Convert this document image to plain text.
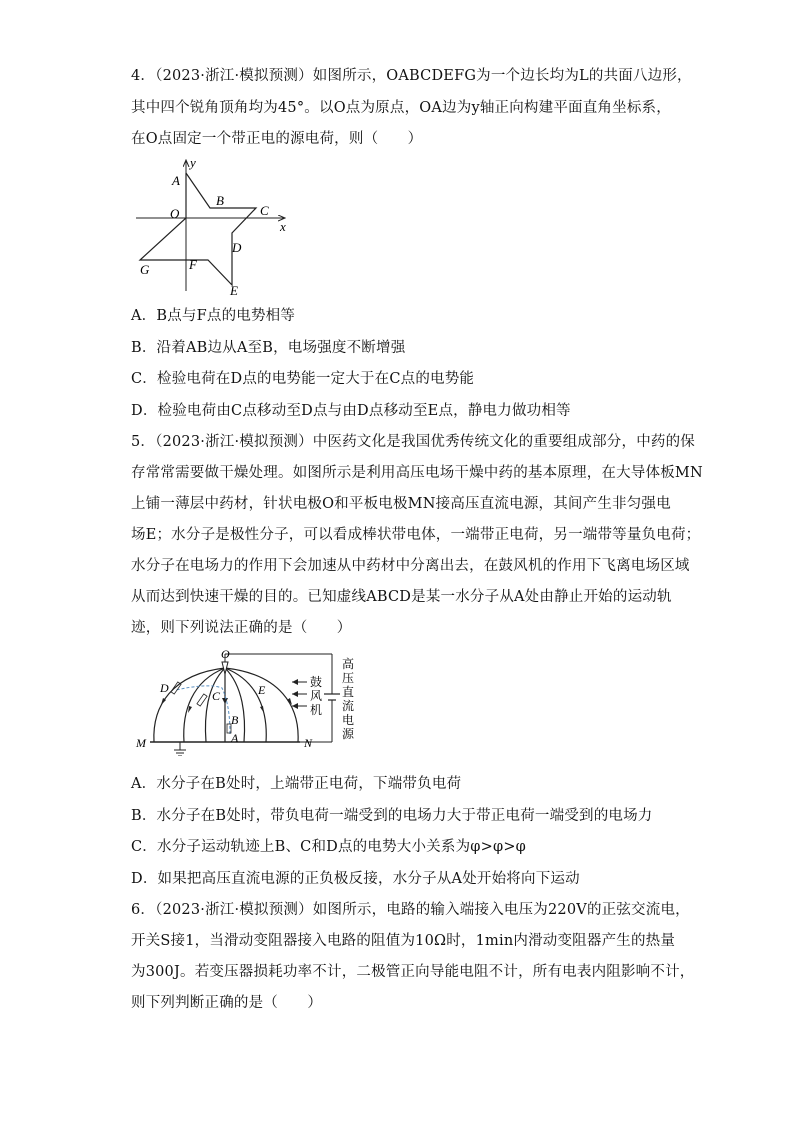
4．（2023·浙江·模拟预测）如图所示，OABCDEFG为一个边长均为L的共面八边形，
其中四个锐角顶角均为45°。以O点为原点，OA边为y轴正向构建平面直角坐标系，
在O点固定一个带正电的源电荷，则（　　）
y
x
A
B
O	C
D
G	F
E
A．B点与F点的电势相等
B．沿着AB边从A至B，电场强度不断增强
C．检验电荷在D点的电势能一定大于在C点的电势能
D．检验电荷由C点移动至D点与由D点移动至E点，静电力做功相等
5．（2023·浙江·模拟预测）中医药文化是我国优秀传统文化的重要组成部分，中药的保
存常常需要做干燥处理。如图所示是利用高压电场干燥中药的基本原理，在大导体板MN
上铺一薄层中药材，针状电极O和平板电极MN接高压直流电源，其间产生非匀强电
场E；水分子是极性分子，可以看成棒状带电体，一端带正电荷，另一端带等量负电荷；
水分子在电场力的作用下会加速从中药材中分离出去，在鼓风机的作用下飞离电场区域
从而达到快速干燥的目的。已知虚线ABCD是某一水分子从A处由静止开始的运动轨
迹，则下列说法正确的是（　　）
O
D
C	E
B
A
M	N
鼓
风
机
高
压
直
流
电
源
A．水分子在B处时，上端带正电荷，下端带负电荷
B．水分子在B处时，带负电荷一端受到的电场力大于带正电荷一端受到的电场力
C．水分子运动轨迹上B、C和D点的电势大小关系为φ>φ>φ
D．如果把高压直流电源的正负极反接，水分子从A处开始将向下运动
6．（2023·浙江·模拟预测）如图所示，电路的输入端接入电压为220V的正弦交流电，
开关S接1，当滑动变阻器接入电路的阻值为10Ω时，1min内滑动变阻器产生的热量
为300J。若变压器损耗功率不计，二极管正向导能电阻不计，所有电表内阻影响不计，
则下列判断正确的是（　　）
